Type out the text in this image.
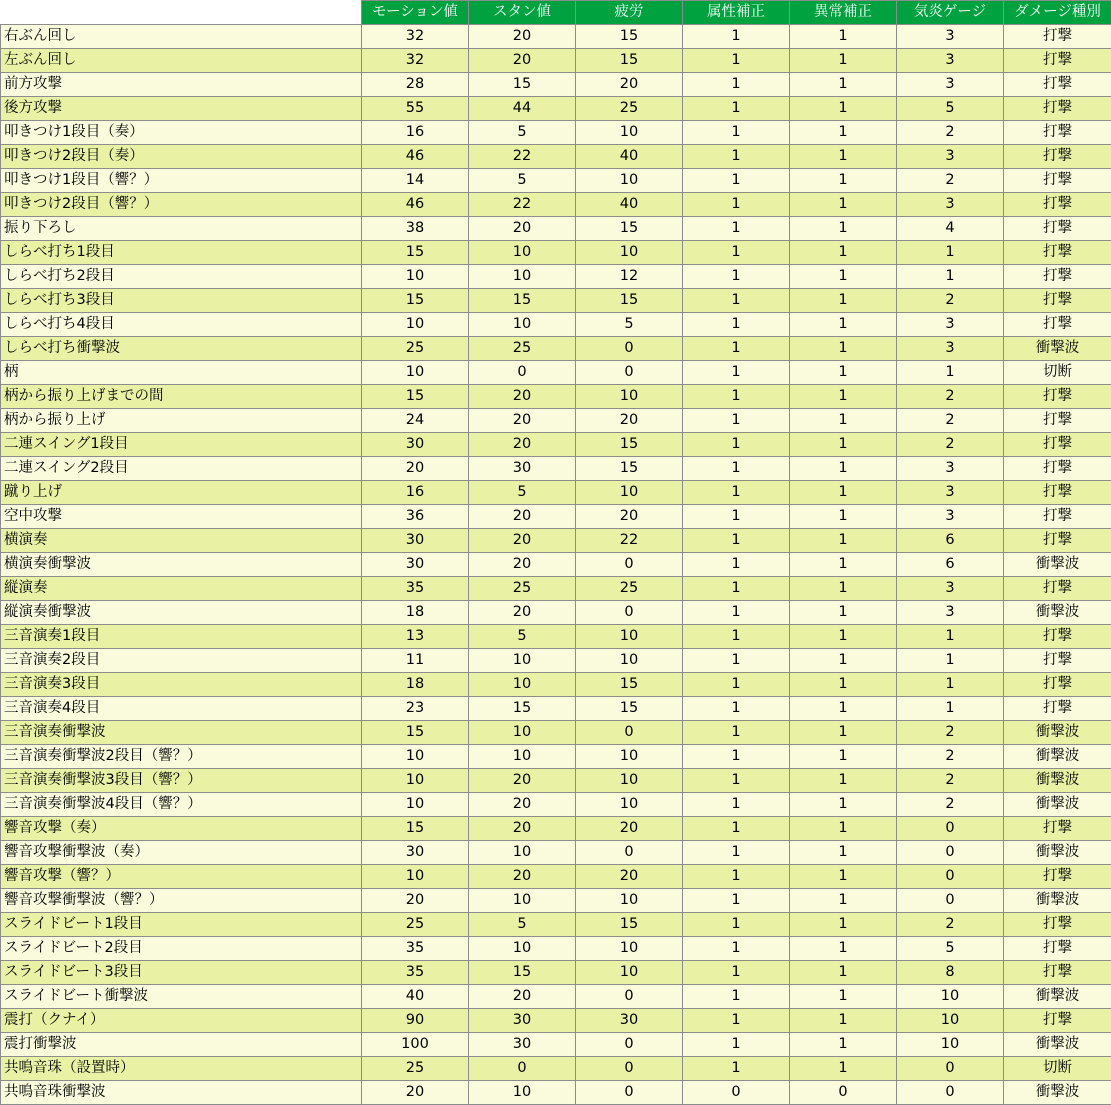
	モーション値	スタン値	疲労	属性補正	異常補正	気炎ゲージ	ダメージ種別
右ぶん回し	32	20	15	1	1	3	打撃
左ぶん回し	32	20	15	1	1	3	打撃
前方攻撃	28	15	20	1	1	3	打撃
後方攻撃	55	44	25	1	1	5	打撃
叩きつけ1段目（奏）	16	5	10	1	1	2	打撃
叩きつけ2段目（奏）	46	22	40	1	1	3	打撃
叩きつけ1段目（響？）	14	5	10	1	1	2	打撃
叩きつけ2段目（響？）	46	22	40	1	1	3	打撃
振り下ろし	38	20	15	1	1	4	打撃
しらべ打ち1段目	15	10	10	1	1	1	打撃
しらべ打ち2段目	10	10	12	1	1	1	打撃
しらべ打ち3段目	15	15	15	1	1	2	打撃
しらべ打ち4段目	10	10	5	1	1	3	打撃
しらべ打ち衝撃波	25	25	0	1	1	3	衝撃波
柄	10	0	0	1	1	1	切断
柄から振り上げまでの間	15	20	10	1	1	2	打撃
柄から振り上げ	24	20	20	1	1	2	打撃
二連スイング1段目	30	20	15	1	1	2	打撃
二連スイング2段目	20	30	15	1	1	3	打撃
蹴り上げ	16	5	10	1	1	3	打撃
空中攻撃	36	20	20	1	1	3	打撃
横演奏	30	20	22	1	1	6	打撃
横演奏衝撃波	30	20	0	1	1	6	衝撃波
縦演奏	35	25	25	1	1	3	打撃
縦演奏衝撃波	18	20	0	1	1	3	衝撃波
三音演奏1段目	13	5	10	1	1	1	打撃
三音演奏2段目	11	10	10	1	1	1	打撃
三音演奏3段目	18	10	15	1	1	1	打撃
三音演奏4段目	23	15	15	1	1	1	打撃
三音演奏衝撃波	15	10	0	1	1	2	衝撃波
三音演奏衝撃波2段目（響？）	10	10	10	1	1	2	衝撃波
三音演奏衝撃波3段目（響？）	10	20	10	1	1	2	衝撃波
三音演奏衝撃波4段目（響？）	10	20	10	1	1	2	衝撃波
響音攻撃（奏）	15	20	20	1	1	0	打撃
響音攻撃衝撃波（奏）	30	10	0	1	1	0	衝撃波
響音攻撃（響？）	10	20	20	1	1	0	打撃
響音攻撃衝撃波（響？）	20	10	10	1	1	0	衝撃波
スライドビート1段目	25	5	15	1	1	2	打撃
スライドビート2段目	35	10	10	1	1	5	打撃
スライドビート3段目	35	15	10	1	1	8	打撃
スライドビート衝撃波	40	20	0	1	1	10	衝撃波
震打（クナイ）	90	30	30	1	1	10	打撃
震打衝撃波	100	30	0	1	1	10	衝撃波
共鳴音珠（設置時）	25	0	0	1	1	0	切断
共鳴音珠衝撃波	20	10	0	0	0	0	衝撃波
